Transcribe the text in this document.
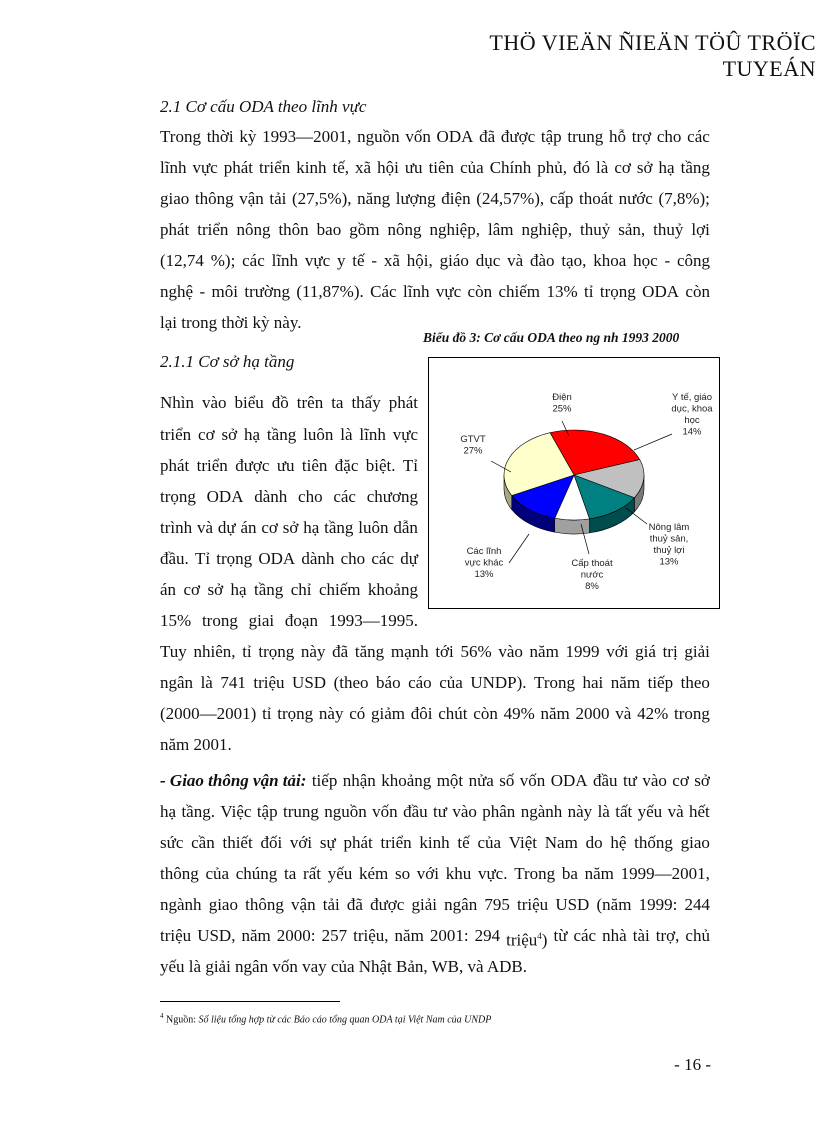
THÖ VIEÄN ÑIEÄN TÖÛ TRÖÏC TUYEÁN
2.1 Cơ cấu ODA theo lĩnh vực
Trong thời kỳ 1993—2001, nguồn vốn ODA đã được tập trung hỗ trợ cho các
lĩnh vực phát triển kinh tế, xã hội ưu tiên của Chính phủ, đó là cơ sở hạ tầng
giao thông vận tải (27,5%), năng lượng điện (24,57%), cấp thoát nước (7,8%);
phát triển nông thôn bao gồm nông nghiệp, lâm nghiệp, thuỷ sản, thuỷ lợi
(12,74 %); các lĩnh vực y tế - xã hội, giáo dục và đào tạo, khoa học - công
nghệ - môi trường (11,87%). Các lĩnh vực còn chiếm 13% tỉ trọng ODA còn
lại trong thời kỳ này.
Biểu đồ 3: Cơ cấu ODA theo ng nh 1993 2000
Điện
25%
Y tế, giáo
dục, khoa
học
14%
Nông lâm
thuỷ sản,
thuỷ lợi
13%
Cấp thoát
nước
8%
Các lĩnh
vực khác
13%
GTVT
27%
2.1.1 Cơ sở hạ tầng
Nhìn vào biểu đồ trên ta thấy phát
triển cơ sở hạ tầng luôn là lĩnh vực
phát triển được ưu tiên đặc biệt. Tỉ
trọng ODA dành cho các chương
trình và dự án cơ sở hạ tầng luôn dẫn
đầu. Tỉ trọng ODA dành cho các dự
án cơ sở hạ tầng chỉ chiếm khoảng
15% trong giai đoạn 1993—1995.
Tuy nhiên, tỉ trọng này đã tăng mạnh tới 56% vào năm 1999 với giá trị giải
ngân là 741 triệu USD (theo báo cáo của UNDP). Trong hai năm tiếp theo
(2000—2001) tỉ trọng này có giảm đôi chút còn 49% năm 2000 và 42% trong
năm 2001.
- Giao thông vận tải: tiếp nhận khoảng một nửa số vốn ODA đầu tư vào cơ sở
hạ tầng. Việc tập trung nguồn vốn đầu tư vào phân ngành này là tất yếu và hết
sức cần thiết đối với sự phát triển kinh tế của Việt Nam do hệ thống giao
thông của chúng ta rất yếu kém so với khu vực. Trong ba năm 1999—2001,
ngành giao thông vận tải đã được giải ngân 795 triệu USD (năm 1999: 244
triệu USD, năm 2000: 257 triệu, năm 2001: 294 triệu$^4$) từ các nhà tài trợ, chủ
yếu là giải ngân vốn vay của Nhật Bản, WB, và ADB.
$^4$ Nguồn: Số liệu tổng hợp từ các Báo cáo tổng quan ODA tại Việt Nam của UNDP
- 16 -
